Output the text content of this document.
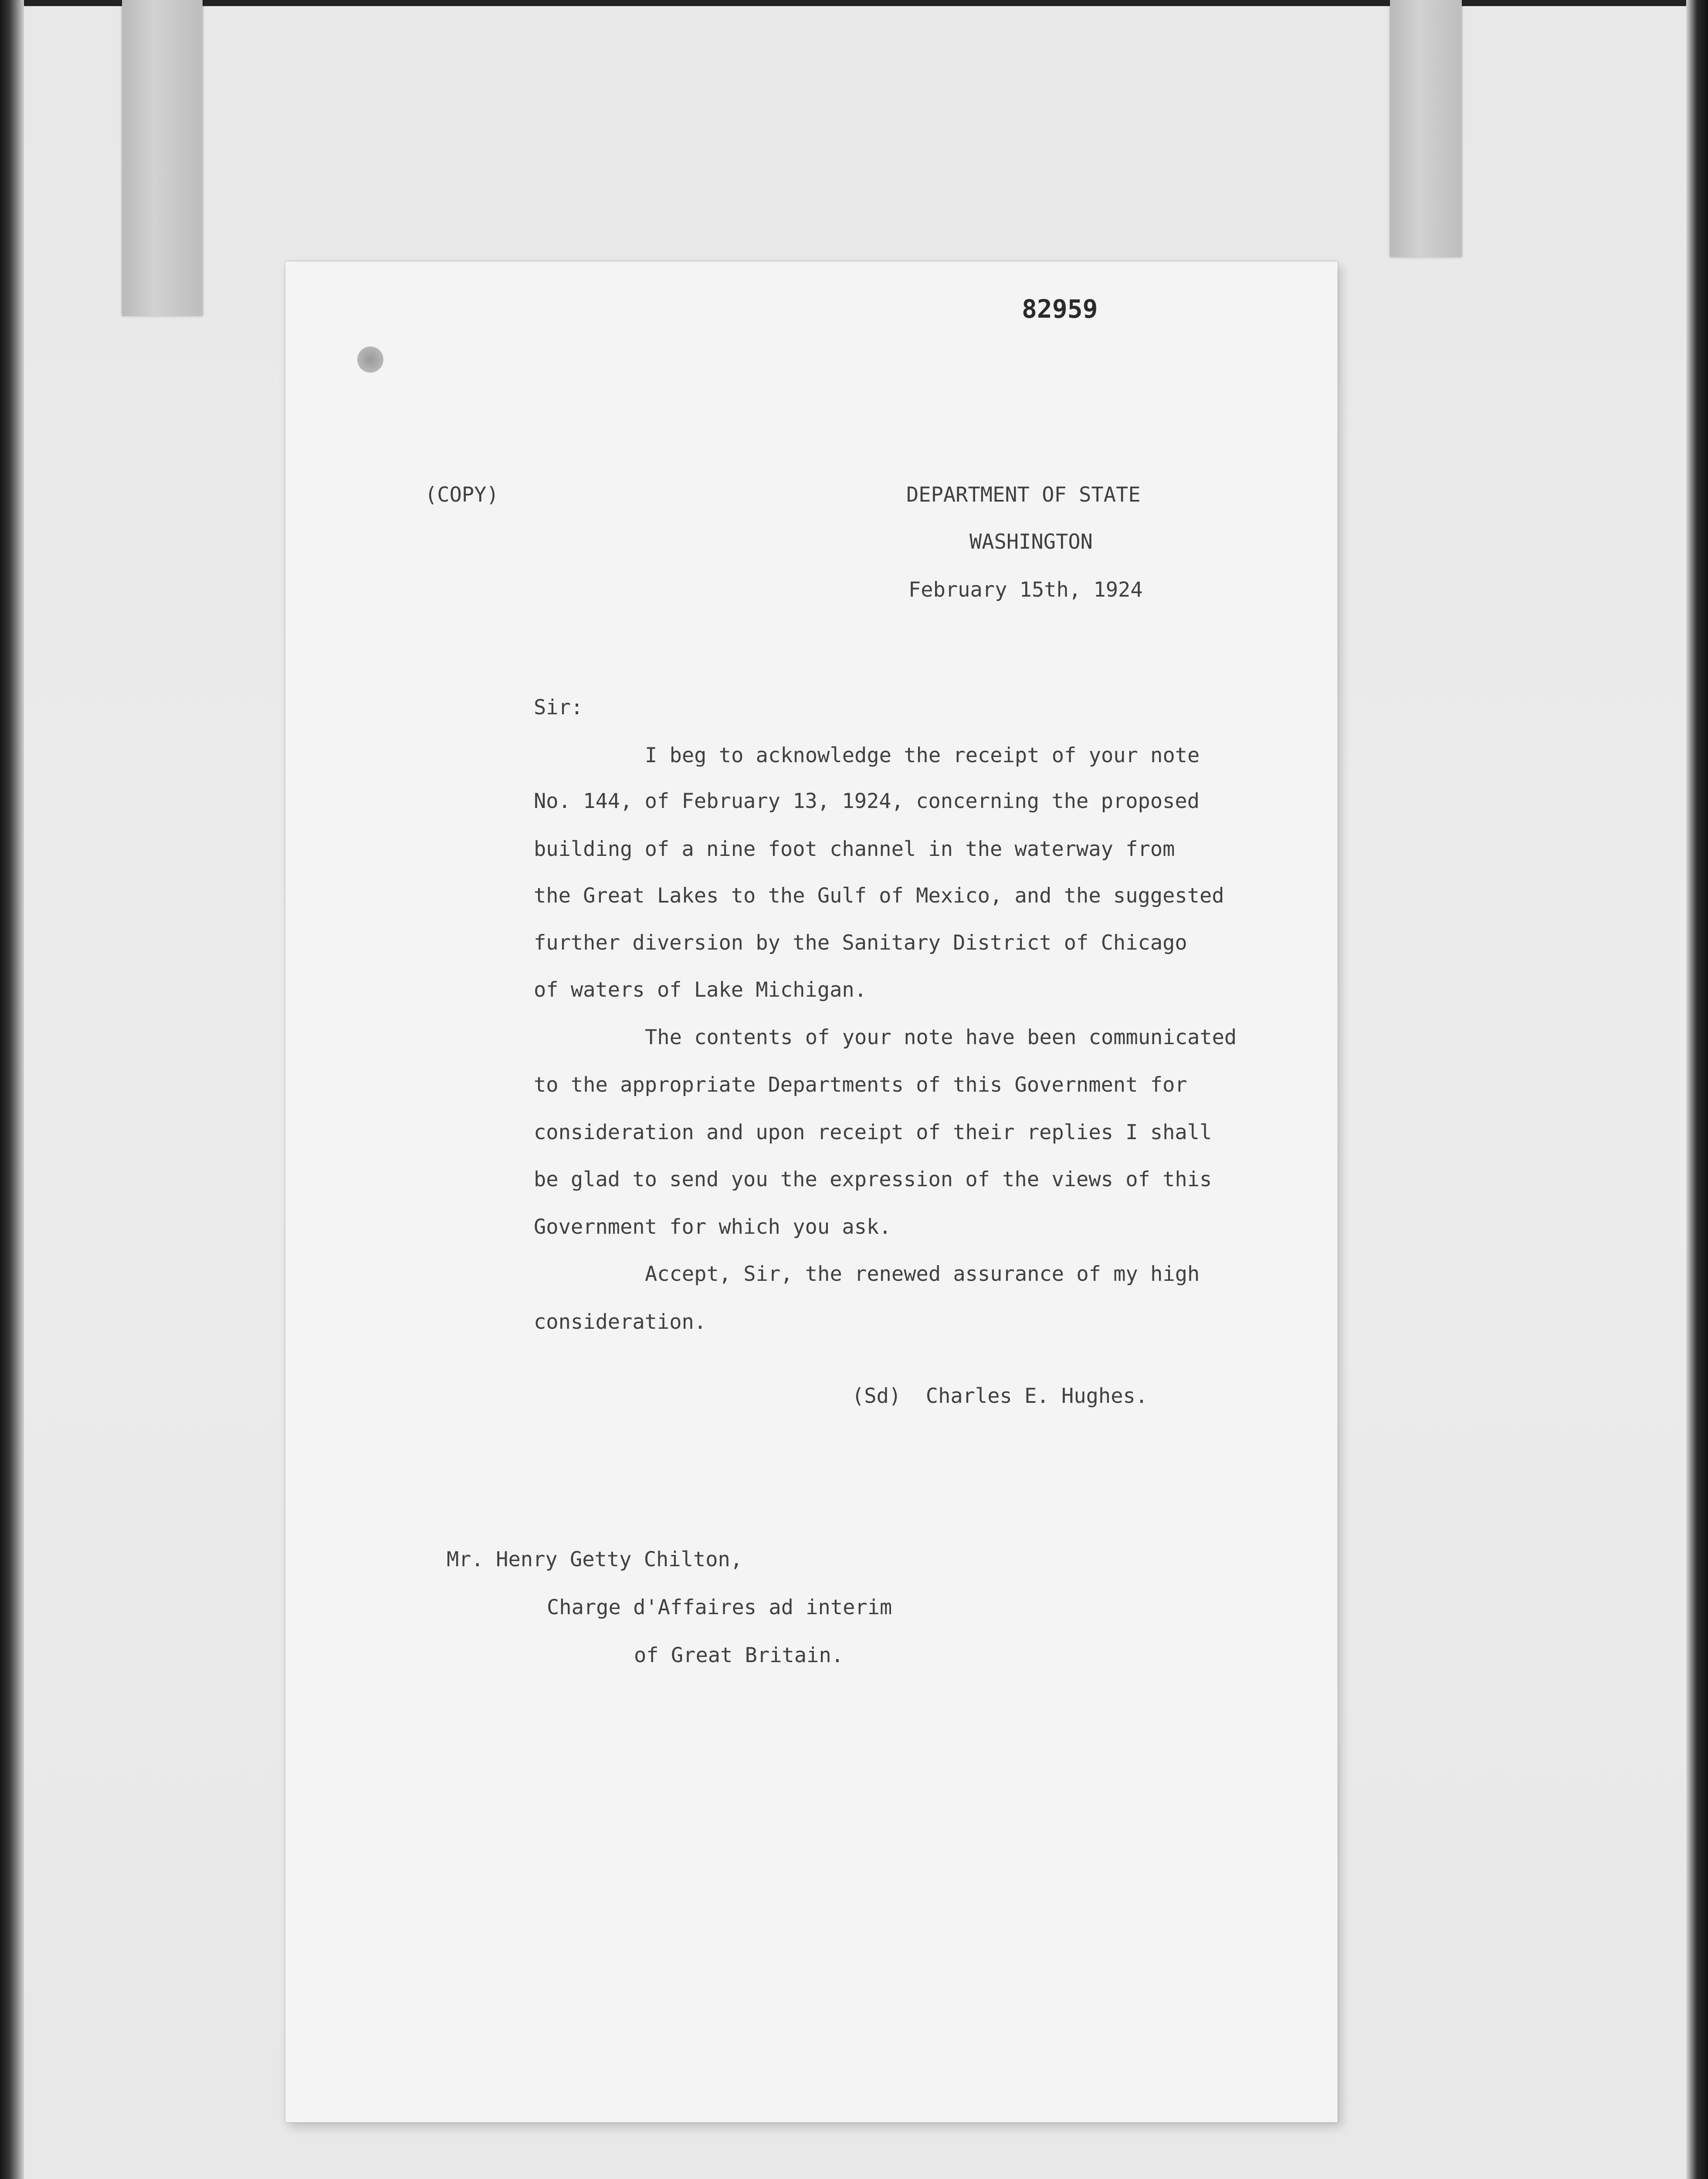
82959
(COPY)	DEPARTMENT OF STATE
WASHINGTON
February 15th, 1924
Sir:
I beg to acknowledge the receipt of your note
No. 144, of February 13, 1924, concerning the proposed
building of a nine foot channel in the waterway from
the Great Lakes to the Gulf of Mexico, and the suggested
further diversion by the Sanitary District of Chicago
of waters of Lake Michigan.
The contents of your note have been communicated
to the appropriate Departments of this Government for
consideration and upon receipt of their replies I shall
be glad to send you the expression of the views of this
Government for which you ask.
Accept, Sir, the renewed assurance of my high
consideration.
(Sd)  Charles E. Hughes.
Mr. Henry Getty Chilton,
Charge d'Affaires ad interim
of Great Britain.
